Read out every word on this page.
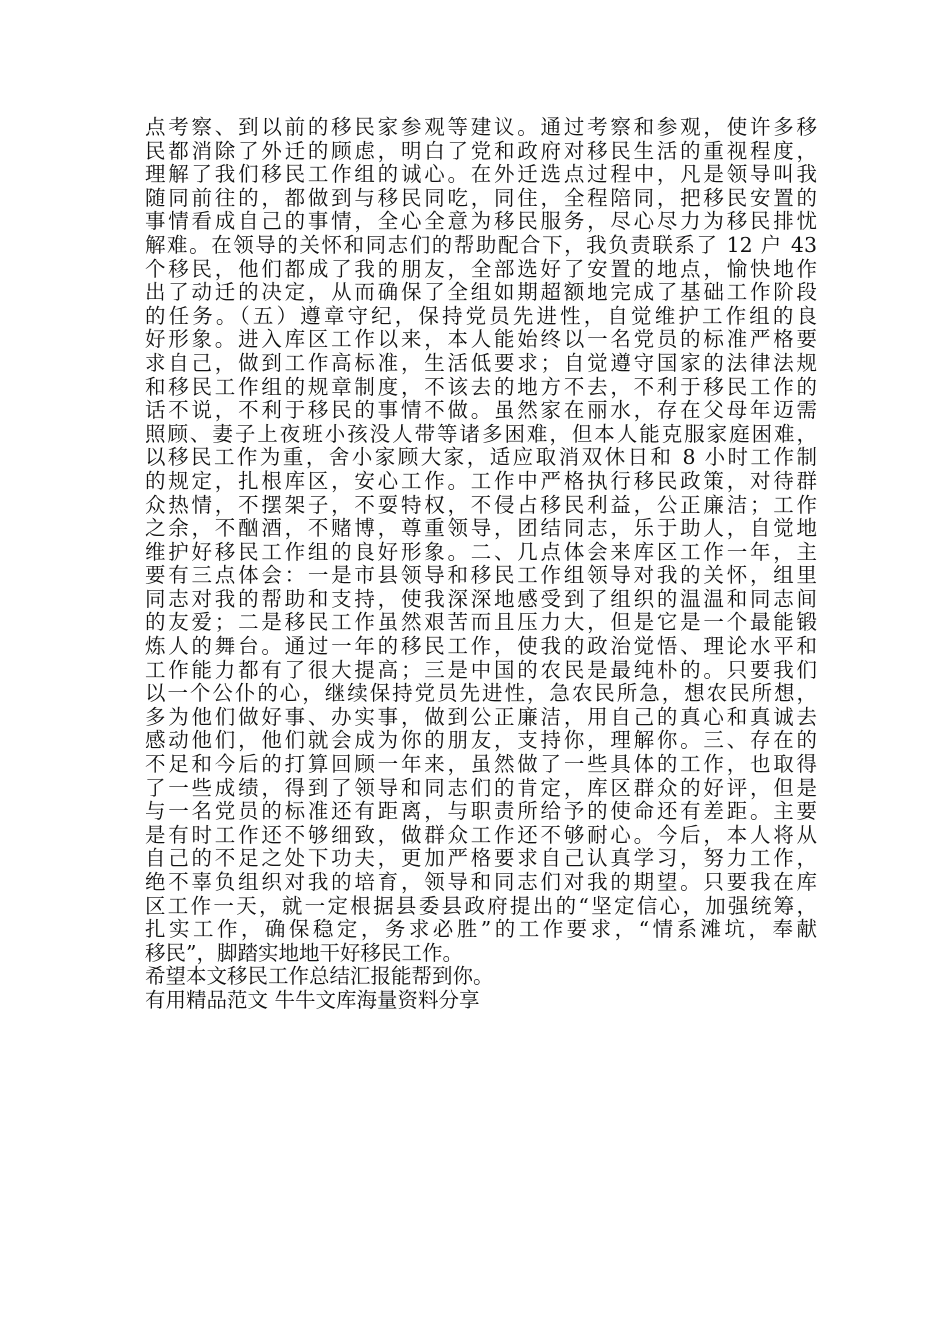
点考察、到以前的移民家参观等建议。通过考察和参观，使许多移
民都消除了外迁的顾虑，明白了党和政府对移民生活的重视程度，
理解了我们移民工作组的诚心。在外迁选点过程中，凡是领导叫我
随同前往的，都做到与移民同吃，同住，全程陪同，把移民安置的
事情看成自己的事情，全心全意为移民服务，尽心尽力为移民排忧
解难。在领导的关怀和同志们的帮助配合下，我负责联系了 12 户 43
个移民，他们都成了我的朋友，全部选好了安置的地点，愉快地作
出了动迁的决定，从而确保了全组如期超额地完成了基础工作阶段
的任务。（五）遵章守纪，保持党员先进性，自觉维护工作组的良
好形象。进入库区工作以来，本人能始终以一名党员的标准严格要
求自己，做到工作高标准，生活低要求；自觉遵守国家的法律法规
和移民工作组的规章制度，不该去的地方不去，不利于移民工作的
话不说，不利于移民的事情不做。虽然家在丽水，存在父母年迈需
照顾、妻子上夜班小孩没人带等诸多困难，但本人能克服家庭困难，
以移民工作为重，舍小家顾大家，适应取消双休日和 8 小时工作制
的规定，扎根库区，安心工作。工作中严格执行移民政策，对待群
众热情，不摆架子，不耍特权，不侵占移民利益，公正廉洁；工作
之余，不酗酒，不赌博，尊重领导，团结同志，乐于助人，自觉地
维护好移民工作组的良好形象。二、几点体会来库区工作一年，主
要有三点体会：一是市县领导和移民工作组领导对我的关怀，组里
同志对我的帮助和支持，使我深深地感受到了组织的温温和同志间
的友爱；二是移民工作虽然艰苦而且压力大，但是它是一个最能锻
炼人的舞台。通过一年的移民工作，使我的政治觉悟、理论水平和
工作能力都有了很大提高；三是中国的农民是最纯朴的。只要我们
以一个公仆的心，继续保持党员先进性，急农民所急，想农民所想，
多为他们做好事、办实事，做到公正廉洁，用自己的真心和真诚去
感动他们，他们就会成为你的朋友，支持你，理解你。三、存在的
不足和今后的打算回顾一年来，虽然做了一些具体的工作，也取得
了一些成绩，得到了领导和同志们的肯定，库区群众的好评，但是
与一名党员的标准还有距离，与职责所给予的使命还有差距。主要
是有时工作还不够细致，做群众工作还不够耐心。今后，本人将从
自己的不足之处下功夫，更加严格要求自己认真学习，努力工作，
绝不辜负组织对我的培育，领导和同志们对我的期望。只要我在库
区工作一天，就一定根据县委县政府提出的“坚定信心，加强统筹，
扎实工作，确保稳定，务求必胜”的工作要求，“情系滩坑，奉献
移民”，脚踏实地地干好移民工作。
希望本文移民工作总结汇报能帮到你。
有用精品范文 牛牛文库海量资料分享
